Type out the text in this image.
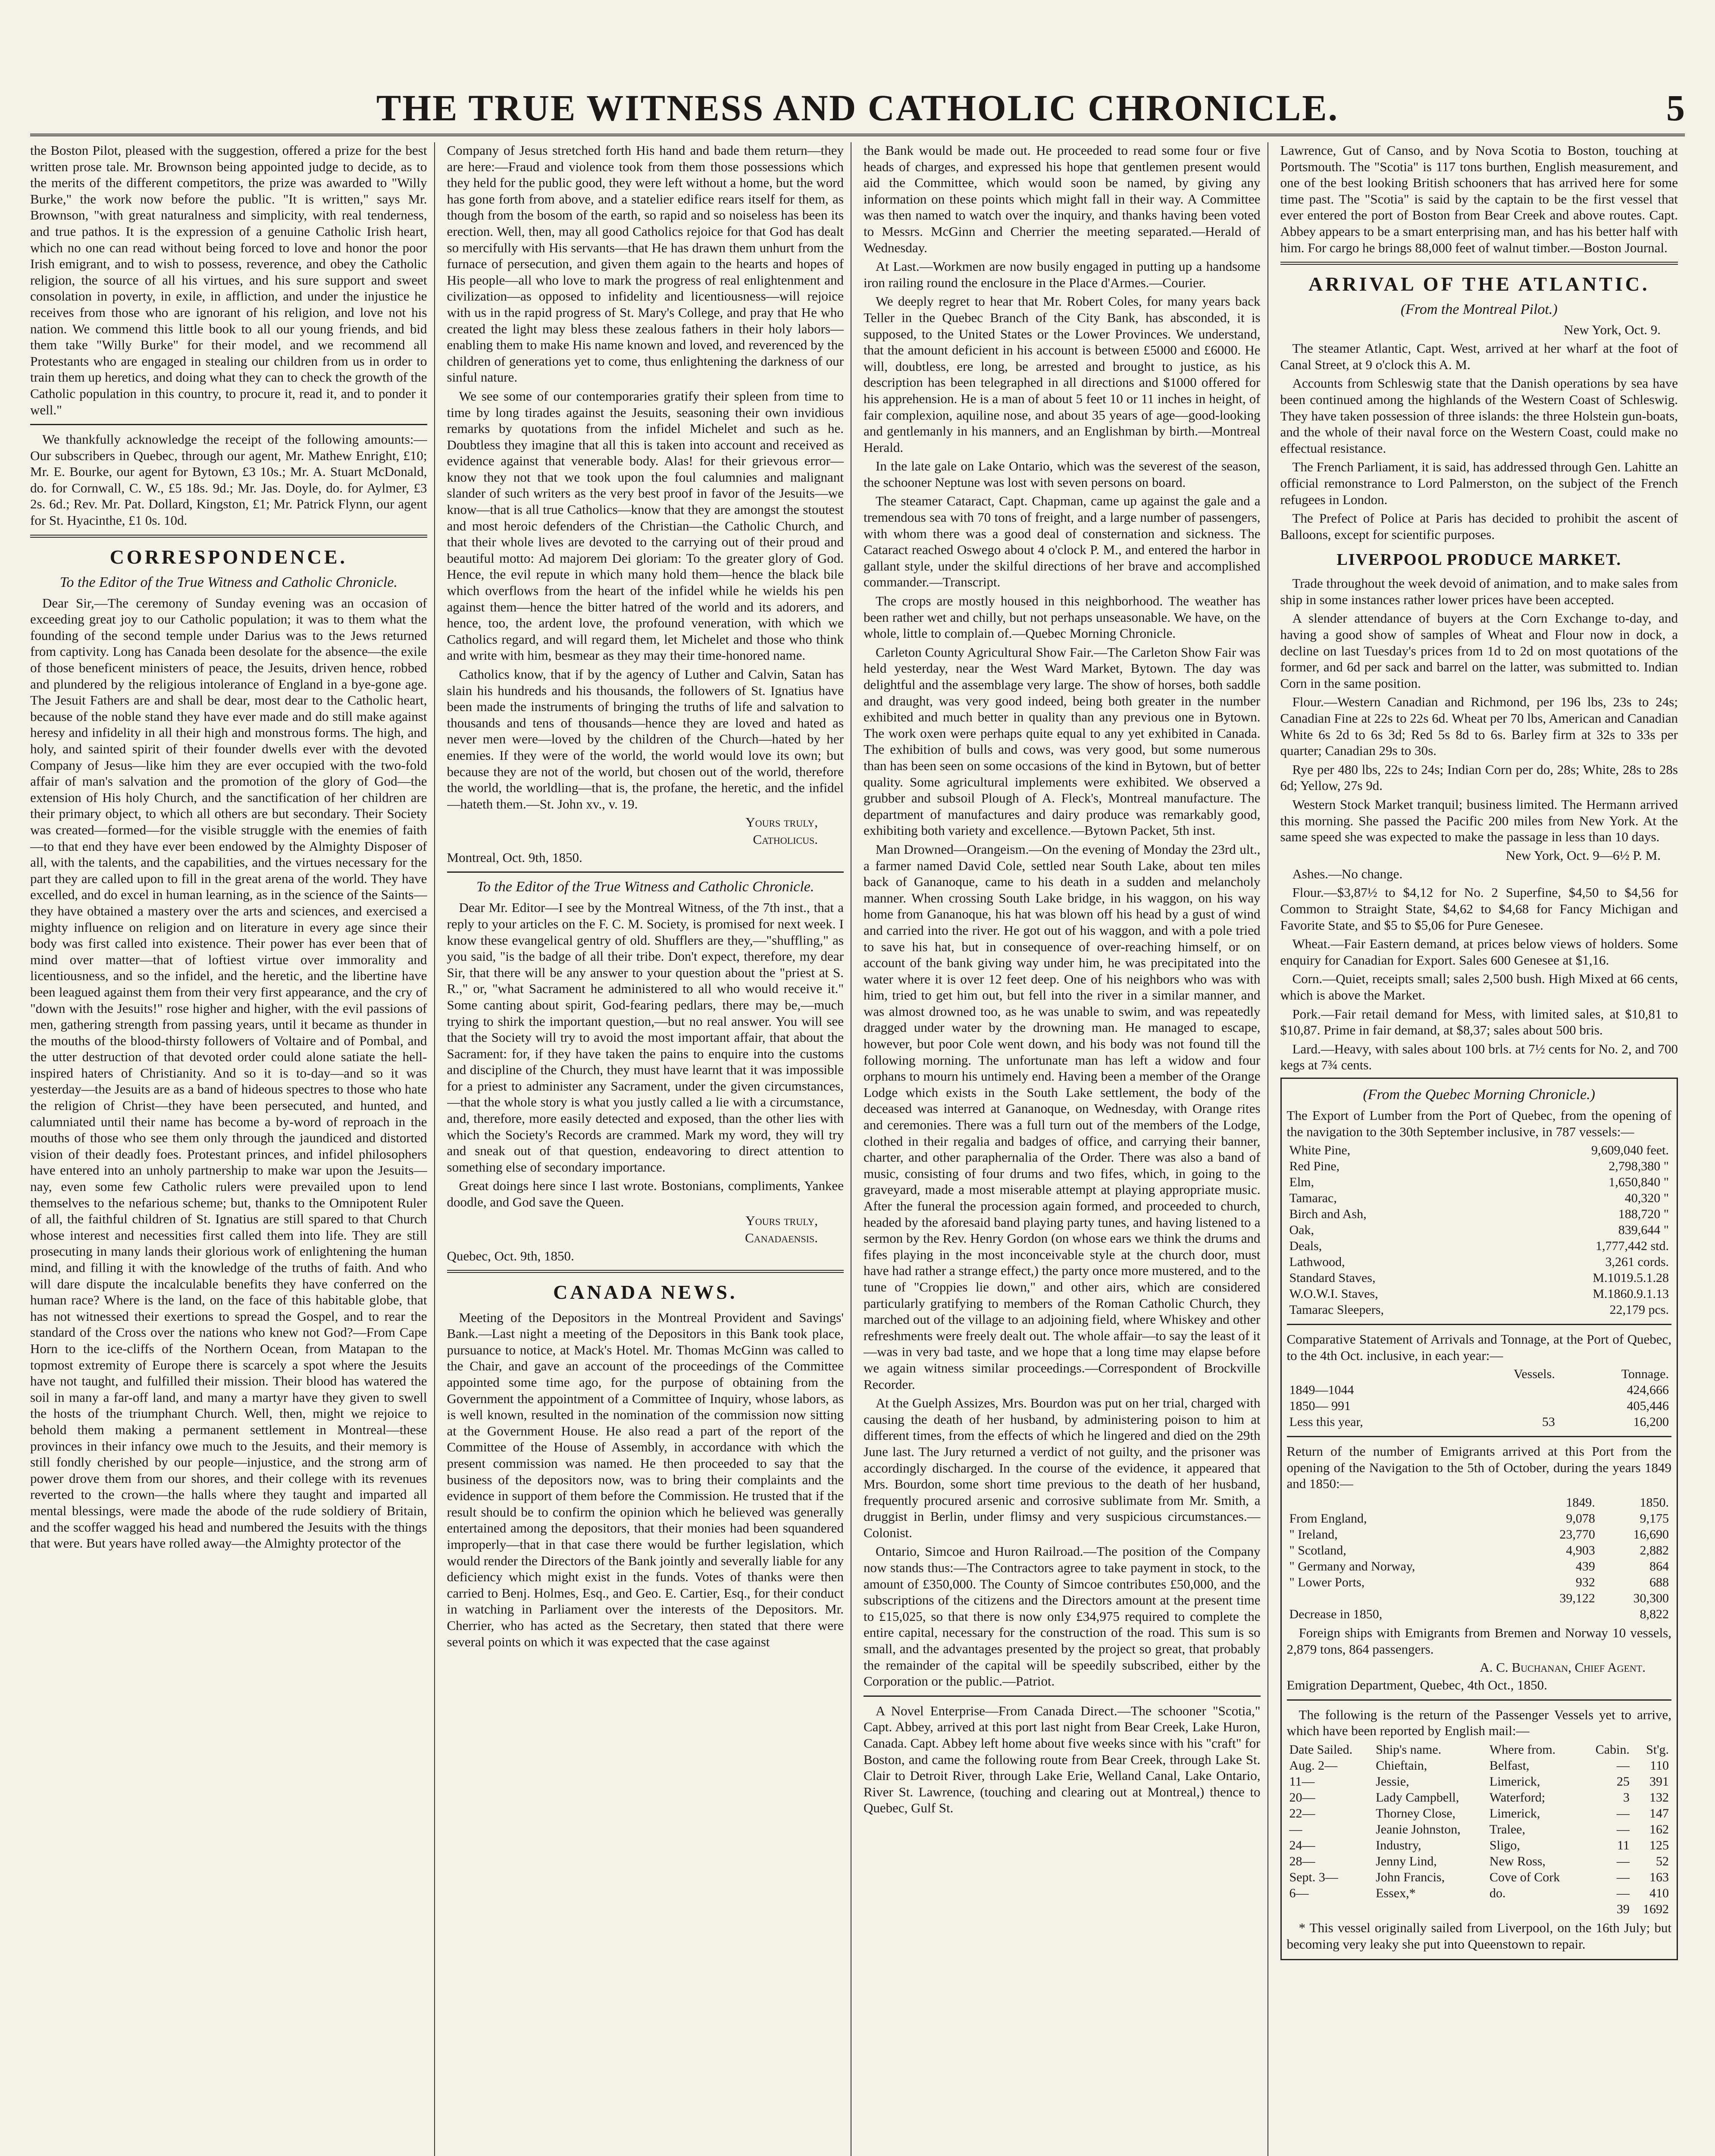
THE TRUE WITNESS AND CATHOLIC CHRONICLE.	5

the Boston Pilot, pleased with the suggestion, offered a prize for the best written prose tale. Mr. Brownson being appointed judge to decide, as to the merits of the different competitors, the prize was awarded to "Willy Burke," the work now before the public. "It is written," says Mr. Brownson, "with great naturalness and simplicity, with real tenderness, and true pathos. It is the expression of a genuine Catholic Irish heart, which no one can read without being forced to love and honor the poor Irish emigrant, and to wish to possess, reverence, and obey the Catholic religion, the source of all his virtues, and his sure support and sweet consolation in poverty, in exile, in affliction, and under the injustice he receives from those who are ignorant of his religion, and love not his nation. We commend this little book to all our young friends, and bid them take "Willy Burke" for their model, and we recommend all Protestants who are engaged in stealing our children from us in order to train them up heretics, and doing what they can to check the growth of the Catholic population in this country, to procure it, read it, and to ponder it well."

We thankfully acknowledge the receipt of the following amounts:—Our subscribers in Quebec, through our agent, Mr. Mathew Enright, £10; Mr. E. Bourke, our agent for Bytown, £3 10s.; Mr. A. Stuart McDonald, do. for Cornwall, C. W., £5 18s. 9d.; Mr. Jas. Doyle, do. for Aylmer, £3 2s. 6d.; Rev. Mr. Pat. Dollard, Kingston, £1; Mr. Patrick Flynn, our agent for St. Hyacinthe, £1 0s. 10d.

CORRESPONDENCE.
To the Editor of the True Witness and Catholic Chronicle.

Dear Sir,—The ceremony of Sunday evening was an occasion of exceeding great joy to our Catholic population; it was to them what the founding of the second temple under Darius was to the Jews returned from captivity. Long has Canada been desolate for the absence—the exile of those beneficent ministers of peace, the Jesuits, driven hence, robbed and plundered by the religious intolerance of England in a bye-gone age. The Jesuit Fathers are and shall be dear, most dear to the Catholic heart, because of the noble stand they have ever made and do still make against heresy and infidelity in all their high and monstrous forms. The high, and holy, and sainted spirit of their founder dwells ever with the devoted Company of Jesus—like him they are ever occupied with the two-fold affair of man's salvation and the promotion of the glory of God—the extension of His holy Church, and the sanctification of her children are their primary object, to which all others are but secondary. Their Society was created—formed—for the visible struggle with the enemies of faith—to that end they have ever been endowed by the Almighty Disposer of all, with the talents, and the capabilities, and the virtues necessary for the part they are called upon to fill in the great arena of the world. They have excelled, and do excel in human learning, as in the science of the Saints—they have obtained a mastery over the arts and sciences, and exercised a mighty influence on religion and on literature in every age since their body was first called into existence. Their power has ever been that of mind over matter—that of loftiest virtue over immorality and licentiousness, and so the infidel, and the heretic, and the libertine have been leagued against them from their very first appearance, and the cry of "down with the Jesuits!" rose higher and higher, with the evil passions of men, gathering strength from passing years, until it became as thunder in the mouths of the blood-thirsty followers of Voltaire and of Pombal, and the utter destruction of that devoted order could alone satiate the hell-inspired haters of Christianity. And so it is to-day—and so it was yesterday—the Jesuits are as a band of hideous spectres to those who hate the religion of Christ—they have been persecuted, and hunted, and calumniated until their name has become a by-word of reproach in the mouths of those who see them only through the jaundiced and distorted vision of their deadly foes. Protestant princes, and infidel philosophers have entered into an unholy partnership to make war upon the Jesuits—nay, even some few Catholic rulers were prevailed upon to lend themselves to the nefarious scheme; but, thanks to the Omnipotent Ruler of all, the faithful children of St. Ignatius are still spared to that Church whose interest and necessities first called them into life. They are still prosecuting in many lands their glorious work of enlightening the human mind, and filling it with the knowledge of the truths of faith. And who will dare dispute the incalculable benefits they have conferred on the human race? Where is the land, on the face of this habitable globe, that has not witnessed their exertions to spread the Gospel, and to rear the standard of the Cross over the nations who knew not God?—From Cape Horn to the ice-cliffs of the Northern Ocean, from Matapan to the topmost extremity of Europe there is scarcely a spot where the Jesuits have not taught, and fulfilled their mission. Their blood has watered the soil in many a far-off land, and many a martyr have they given to swell the hosts of the triumphant Church. Well, then, might we rejoice to behold them making a permanent settlement in Montreal—these provinces in their infancy owe much to the Jesuits, and their memory is still fondly cherished by our people—injustice, and the strong arm of power drove them from our shores, and their college with its revenues reverted to the crown—the halls where they taught and imparted all mental blessings, were made the abode of the rude soldiery of Britain, and the scoffer wagged his head and numbered the Jesuits with the things that were. But years have rolled away—the Almighty protector of the

Company of Jesus stretched forth His hand and bade them return—they are here:—Fraud and violence took from them those possessions which they held for the public good, they were left without a home, but the word has gone forth from above, and a statelier edifice rears itself for them, as though from the bosom of the earth, so rapid and so noiseless has been its erection. Well, then, may all good Catholics rejoice for that God has dealt so mercifully with His servants—that He has drawn them unhurt from the furnace of persecution, and given them again to the hearts and hopes of His people—all who love to mark the progress of real enlightenment and civilization—as opposed to infidelity and licentiousness—will rejoice with us in the rapid progress of St. Mary's College, and pray that He who created the light may bless these zealous fathers in their holy labors—enabling them to make His name known and loved, and reverenced by the children of generations yet to come, thus enlightening the darkness of our sinful nature.

We see some of our contemporaries gratify their spleen from time to time by long tirades against the Jesuits, seasoning their own invidious remarks by quotations from the infidel Michelet and such as he. Doubtless they imagine that all this is taken into account and received as evidence against that venerable body. Alas! for their grievous error—know they not that we took upon the foul calumnies and malignant slander of such writers as the very best proof in favor of the Jesuits—we know—that is all true Catholics—know that they are amongst the stoutest and most heroic defenders of the Christian—the Catholic Church, and that their whole lives are devoted to the carrying out of their proud and beautiful motto: Ad majorem Dei gloriam: To the greater glory of God. Hence, the evil repute in which many hold them—hence the black bile which overflows from the heart of the infidel while he wields his pen against them—hence the bitter hatred of the world and its adorers, and hence, too, the ardent love, the profound veneration, with which we Catholics regard, and will regard them, let Michelet and those who think and write with him, besmear as they may their time-honored name.

Catholics know, that if by the agency of Luther and Calvin, Satan has slain his hundreds and his thousands, the followers of St. Ignatius have been made the instruments of bringing the truths of life and salvation to thousands and tens of thousands—hence they are loved and hated as never men were—loved by the children of the Church—hated by her enemies. If they were of the world, the world would love its own; but because they are not of the world, but chosen out of the world, therefore the world, the worldling—that is, the profane, the heretic, and the infidel—hateth them.—St. John xv., v. 19.

Yours truly,
Catholicus.
Montreal, Oct. 9th, 1850.
To the Editor of the True Witness and Catholic Chronicle.

Dear Mr. Editor—I see by the Montreal Witness, of the 7th inst., that a reply to your articles on the F. C. M. Society, is promised for next week. I know these evangelical gentry of old. Shufflers are they,—"shuffling," as you said, "is the badge of all their tribe. Don't expect, therefore, my dear Sir, that there will be any answer to your question about the "priest at S. R.," or, "what Sacrament he administered to all who would receive it." Some canting about spirit, God-fearing pedlars, there may be,—much trying to shirk the important question,—but no real answer. You will see that the Society will try to avoid the most important affair, that about the Sacrament: for, if they have taken the pains to enquire into the customs and discipline of the Church, they must have learnt that it was impossible for a priest to administer any Sacrament, under the given circumstances,—that the whole story is what you justly called a lie with a circumstance, and, therefore, more easily detected and exposed, than the other lies with which the Society's Records are crammed. Mark my word, they will try and sneak out of that question, endeavoring to direct attention to something else of secondary importance.

Great doings here since I last wrote. Bostonians, compliments, Yankee doodle, and God save the Queen.

Yours truly,
Canadaensis.
Quebec, Oct. 9th, 1850.
CANADA NEWS.

Meeting of the Depositors in the Montreal Provident and Savings' Bank.—Last night a meeting of the Depositors in this Bank took place, pursuance to notice, at Mack's Hotel. Mr. Thomas McGinn was called to the Chair, and gave an account of the proceedings of the Committee appointed some time ago, for the purpose of obtaining from the Government the appointment of a Committee of Inquiry, whose labors, as is well known, resulted in the nomination of the commission now sitting at the Government House. He also read a part of the report of the Committee of the House of Assembly, in accordance with which the present commission was named. He then proceeded to say that the business of the depositors now, was to bring their complaints and the evidence in support of them before the Commission. He trusted that if the result should be to confirm the opinion which he believed was generally entertained among the depositors, that their monies had been squandered improperly—that in that case there would be further legislation, which would render the Directors of the Bank jointly and severally liable for any deficiency which might exist in the funds. Votes of thanks were then carried to Benj. Holmes, Esq., and Geo. E. Cartier, Esq., for their conduct in watching in Parliament over the interests of the Depositors. Mr. Cherrier, who has acted as the Secretary, then stated that there were several points on which it was expected that the case against

the Bank would be made out. He proceeded to read some four or five heads of charges, and expressed his hope that gentlemen present would aid the Committee, which would soon be named, by giving any information on these points which might fall in their way. A Committee was then named to watch over the inquiry, and thanks having been voted to Messrs. McGinn and Cherrier the meeting separated.—Herald of Wednesday.

At Last.—Workmen are now busily engaged in putting up a handsome iron railing round the enclosure in the Place d'Armes.—Courier.

We deeply regret to hear that Mr. Robert Coles, for many years back Teller in the Quebec Branch of the City Bank, has absconded, it is supposed, to the United States or the Lower Provinces. We understand, that the amount deficient in his account is between £5000 and £6000. He will, doubtless, ere long, be arrested and brought to justice, as his description has been telegraphed in all directions and $1000 offered for his apprehension. He is a man of about 5 feet 10 or 11 inches in height, of fair complexion, aquiline nose, and about 35 years of age—good-looking and gentlemanly in his manners, and an Englishman by birth.—Montreal Herald.

In the late gale on Lake Ontario, which was the severest of the season, the schooner Neptune was lost with seven persons on board.

The steamer Cataract, Capt. Chapman, came up against the gale and a tremendous sea with 70 tons of freight, and a large number of passengers, with whom there was a good deal of consternation and sickness. The Cataract reached Oswego about 4 o'clock P. M., and entered the harbor in gallant style, under the skilful directions of her brave and accomplished commander.—Transcript.

The crops are mostly housed in this neighborhood. The weather has been rather wet and chilly, but not perhaps unseasonable. We have, on the whole, little to complain of.—Quebec Morning Chronicle.

Carleton County Agricultural Show Fair.—The Carleton Show Fair was held yesterday, near the West Ward Market, Bytown. The day was delightful and the assemblage very large. The show of horses, both saddle and draught, was very good indeed, being both greater in the number exhibited and much better in quality than any previous one in Bytown. The work oxen were perhaps quite equal to any yet exhibited in Canada. The exhibition of bulls and cows, was very good, but some numerous than has been seen on some occasions of the kind in Bytown, but of better quality. Some agricultural implements were exhibited. We observed a grubber and subsoil Plough of A. Fleck's, Montreal manufacture. The department of manufactures and dairy produce was remarkably good, exhibiting both variety and excellence.—Bytown Packet, 5th inst.

Man Drowned—Orangeism.—On the evening of Monday the 23rd ult., a farmer named David Cole, settled near South Lake, about ten miles back of Gananoque, came to his death in a sudden and melancholy manner. When crossing South Lake bridge, in his waggon, on his way home from Gananoque, his hat was blown off his head by a gust of wind and carried into the river. He got out of his waggon, and with a pole tried to save his hat, but in consequence of over-reaching himself, or on account of the bank giving way under him, he was precipitated into the water where it is over 12 feet deep. One of his neighbors who was with him, tried to get him out, but fell into the river in a similar manner, and was almost drowned too, as he was unable to swim, and was repeatedly dragged under water by the drowning man. He managed to escape, however, but poor Cole went down, and his body was not found till the following morning. The unfortunate man has left a widow and four orphans to mourn his untimely end. Having been a member of the Orange Lodge which exists in the South Lake settlement, the body of the deceased was interred at Gananoque, on Wednesday, with Orange rites and ceremonies. There was a full turn out of the members of the Lodge, clothed in their regalia and badges of office, and carrying their banner, charter, and other paraphernalia of the Order. There was also a band of music, consisting of four drums and two fifes, which, in going to the graveyard, made a most miserable attempt at playing appropriate music. After the funeral the procession again formed, and proceeded to church, headed by the aforesaid band playing party tunes, and having listened to a sermon by the Rev. Henry Gordon (on whose ears we think the drums and fifes playing in the most inconceivable style at the church door, must have had rather a strange effect,) the party once more mustered, and to the tune of "Croppies lie down," and other airs, which are considered particularly gratifying to members of the Roman Catholic Church, they marched out of the village to an adjoining field, where Whiskey and other refreshments were freely dealt out. The whole affair—to say the least of it—was in very bad taste, and we hope that a long time may elapse before we again witness similar proceedings.—Correspondent of Brockville Recorder.

At the Guelph Assizes, Mrs. Bourdon was put on her trial, charged with causing the death of her husband, by administering poison to him at different times, from the effects of which he lingered and died on the 29th June last. The Jury returned a verdict of not guilty, and the prisoner was accordingly discharged. In the course of the evidence, it appeared that Mrs. Bourdon, some short time previous to the death of her husband, frequently procured arsenic and corrosive sublimate from Mr. Smith, a druggist in Berlin, under flimsy and very suspicious circumstances.—Colonist.

Ontario, Simcoe and Huron Railroad.—The position of the Company now stands thus:—The Contractors agree to take payment in stock, to the amount of £350,000. The County of Simcoe contributes £50,000, and the subscriptions of the citizens and the Directors amount at the present time to £15,025, so that there is now only £34,975 required to complete the entire capital, necessary for the construction of the road. This sum is so small, and the advantages presented by the project so great, that probably the remainder of the capital will be speedily subscribed, either by the Corporation or the public.—Patriot.

A Novel Enterprise—From Canada Direct.—The schooner "Scotia," Capt. Abbey, arrived at this port last night from Bear Creek, Lake Huron, Canada. Capt. Abbey left home about five weeks since with his "craft" for Boston, and came the following route from Bear Creek, through Lake St. Clair to Detroit River, through Lake Erie, Welland Canal, Lake Ontario, River St. Lawrence, (touching and clearing out at Montreal,) thence to Quebec, Gulf St.

Lawrence, Gut of Canso, and by Nova Scotia to Boston, touching at Portsmouth. The "Scotia" is 117 tons burthen, English measurement, and one of the best looking British schooners that has arrived here for some time past. The "Scotia" is said by the captain to be the first vessel that ever entered the port of Boston from Bear Creek and above routes. Capt. Abbey appears to be a smart enterprising man, and has his better half with him. For cargo he brings 88,000 feet of walnut timber.—Boston Journal.

ARRIVAL OF THE ATLANTIC.
(From the Montreal Pilot.)
New York, Oct. 9.

The steamer Atlantic, Capt. West, arrived at her wharf at the foot of Canal Street, at 9 o'clock this A. M.

Accounts from Schleswig state that the Danish operations by sea have been continued among the highlands of the Western Coast of Schleswig. They have taken possession of three islands: the three Holstein gun-boats, and the whole of their naval force on the Western Coast, could make no effectual resistance.

The French Parliament, it is said, has addressed through Gen. Lahitte an official remonstrance to Lord Palmerston, on the subject of the French refugees in London.

The Prefect of Police at Paris has decided to prohibit the ascent of Balloons, except for scientific purposes.

LIVERPOOL PRODUCE MARKET.

Trade throughout the week devoid of animation, and to make sales from ship in some instances rather lower prices have been accepted.

A slender attendance of buyers at the Corn Exchange to-day, and having a good show of samples of Wheat and Flour now in dock, a decline on last Tuesday's prices from 1d to 2d on most quotations of the former, and 6d per sack and barrel on the latter, was submitted to. Indian Corn in the same position.

Flour.—Western Canadian and Richmond, per 196 lbs, 23s to 24s; Canadian Fine at 22s to 22s 6d. Wheat per 70 lbs, American and Canadian White 6s 2d to 6s 3d; Red 5s 8d to 6s. Barley firm at 32s to 33s per quarter; Canadian 29s to 30s.

Rye per 480 lbs, 22s to 24s; Indian Corn per do, 28s; White, 28s to 28s 6d; Yellow, 27s 9d.

Western Stock Market tranquil; business limited. The Hermann arrived this morning. She passed the Pacific 200 miles from New York. At the same speed she was expected to make the passage in less than 10 days.

New York, Oct. 9—6½ P. M.

Ashes.—No change.

Flour.—$3,87½ to $4,12 for No. 2 Superfine, $4,50 to $4,56 for Common to Straight State, $4,62 to $4,68 for Fancy Michigan and Favorite State, and $5 to $5,06 for Pure Genesee.

Wheat.—Fair Eastern demand, at prices below views of holders. Some enquiry for Canadian for Export. Sales 600 Genesee at $1,16.

Corn.—Quiet, receipts small; sales 2,500 bush. High Mixed at 66 cents, which is above the Market.

Pork.—Fair retail demand for Mess, with limited sales, at $10,81 to $10,87. Prime in fair demand, at $8,37; sales about 500 bris.

Lard.—Heavy, with sales about 100 brls. at 7½ cents for No. 2, and 700 kegs at 7¾ cents.

(From the Quebec Morning Chronicle.)

The Export of Lumber from the Port of Quebec, from the opening of the navigation to the 30th September inclusive, in 787 vessels:—

White Pine,	9,609,040 feet.
Red Pine,	2,798,380 "
Elm,	1,650,840 "
Tamarac,	40,320 "
Birch and Ash,	188,720 "
Oak,	839,644 "
Deals,	1,777,442 std.
Lathwood,	3,261 cords.
Standard Staves,	M.1019.5.1.28
W.O.W.I. Staves,	M.1860.9.1.13
Tamarac Sleepers,	22,179 pcs.

Comparative Statement of Arrivals and Tonnage, at the Port of Quebec, to the 4th Oct. inclusive, in each year:—

	Vessels.	Tonnage.
1849—1044		424,666
1850— 991		405,446
Less this year,	53	16,200

Return of the number of Emigrants arrived at this Port from the opening of the Navigation to the 5th of October, during the years 1849 and 1850:—

	1849.	1850.
From England,	9,078	9,175
" Ireland,	23,770	16,690
" Scotland,	4,903	2,882
" Germany and Norway,	439	864
" Lower Ports,	932	688
	39,122	30,300
Decrease in 1850,		8,822

Foreign ships with Emigrants from Bremen and Norway 10 vessels, 2,879 tons, 864 passengers.

A. C. Buchanan, Chief Agent.

Emigration Department, Quebec, 4th Oct., 1850.

The following is the return of the Passenger Vessels yet to arrive, which have been reported by English mail:—

Date Sailed.	Ship's name.	Where from.	Cabin.	St'g.
Aug. 2—	Chieftain,	Belfast,	—	110
11—	Jessie,	Limerick,	25	391
20—	Lady Campbell,	Waterford;	3	132
22—	Thorney Close,	Limerick,	—	147
—	Jeanie Johnston,	Tralee,	—	162
24—	Industry,	Sligo,	11	125
28—	Jenny Lind,	New Ross,	—	52
Sept. 3—	John Francis,	Cove of Cork	—	163
6—	Essex,*	do.	—	410
			39	1692

* This vessel originally sailed from Liverpool, on the 16th July; but becoming very leaky she put into Queenstown to repair.
